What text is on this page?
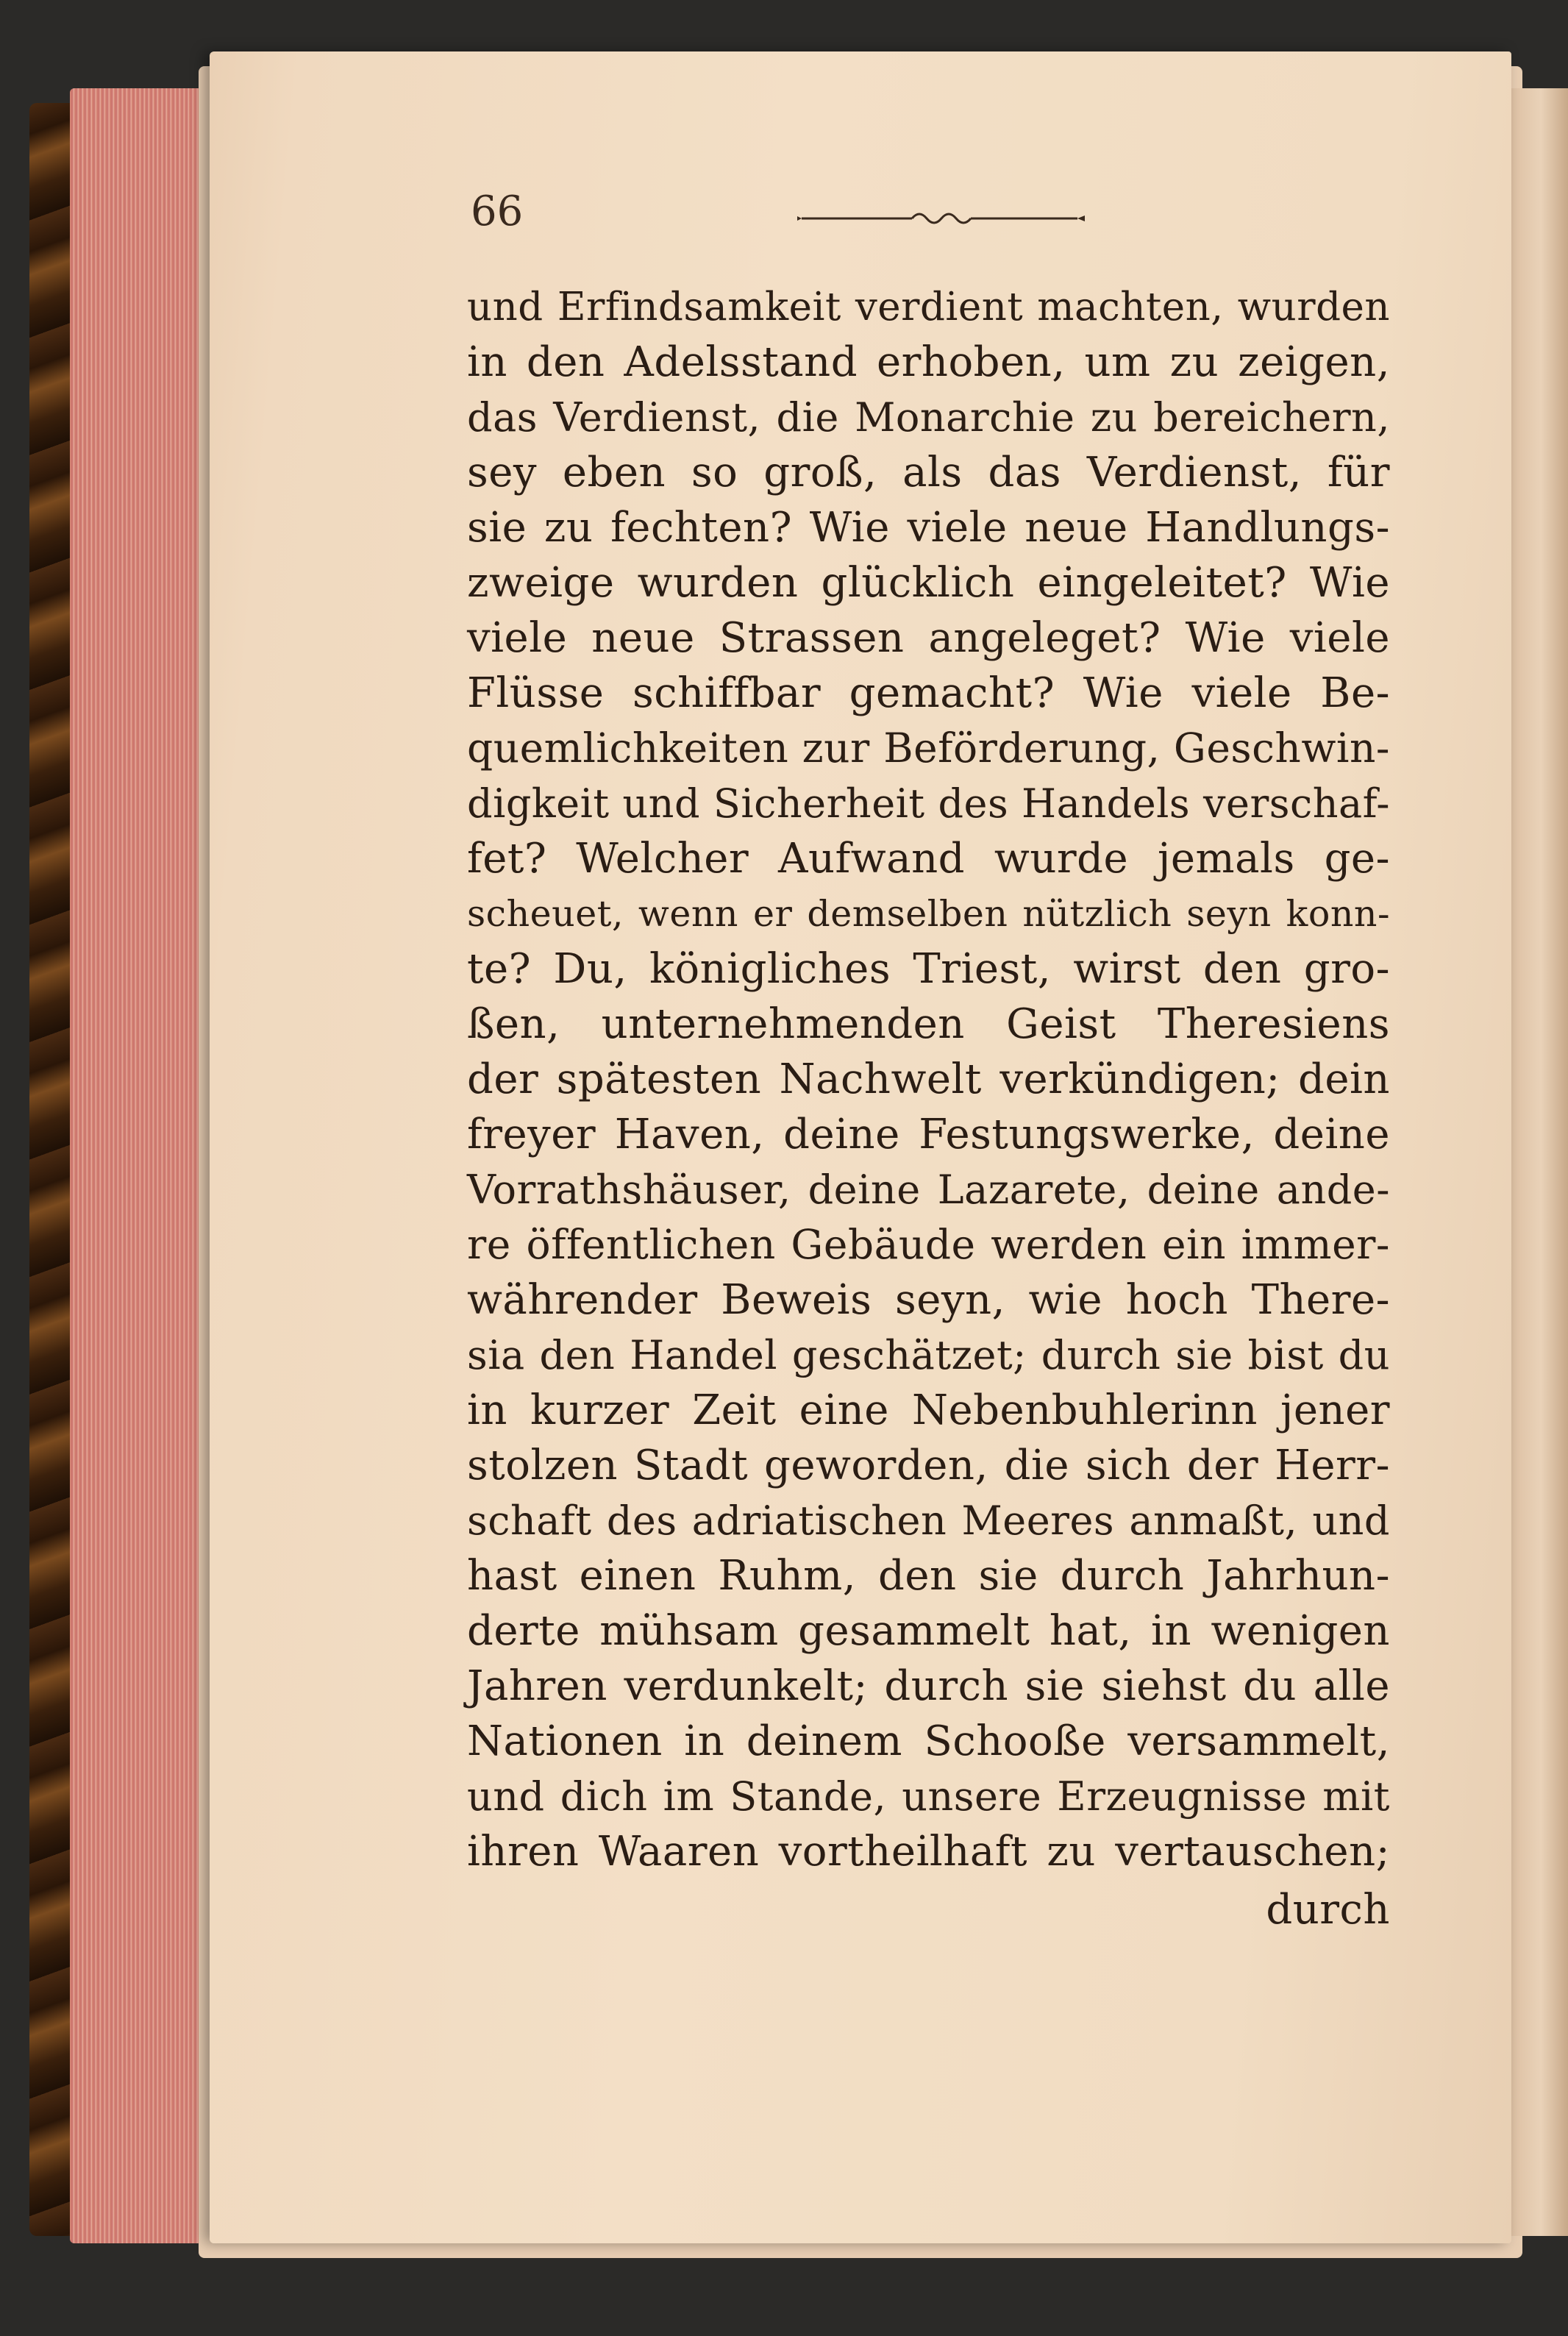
66
und Erfindsamkeit verdient machten, wurden
in den Adelsstand erhoben, um zu zeigen,
das Verdienst, die Monarchie zu bereichern,
sey eben so groß, als das Verdienst, für
sie zu fechten? Wie viele neue Handlungs-
zweige wurden glücklich eingeleitet? Wie
viele neue Strassen angeleget? Wie viele
Flüsse schiffbar gemacht? Wie viele Be-
quemlichkeiten zur Beförderung, Geschwin-
digkeit und Sicherheit des Handels verschaf-
fet? Welcher Aufwand wurde jemals ge-
scheuet, wenn er demselben nützlich seyn konn-
te? Du, königliches Triest, wirst den gro-
ßen, unternehmenden Geist Theresiens
der spätesten Nachwelt verkündigen; dein
freyer Haven, deine Festungswerke, deine
Vorrathshäuser, deine Lazarete, deine ande-
re öffentlichen Gebäude werden ein immer-
währender Beweis seyn, wie hoch There-
sia den Handel geschätzet; durch sie bist du
in kurzer Zeit eine Nebenbuhlerinn jener
stolzen Stadt geworden, die sich der Herr-
schaft des adriatischen Meeres anmaßt, und
hast einen Ruhm, den sie durch Jahrhun-
derte mühsam gesammelt hat, in wenigen
Jahren verdunkelt; durch sie siehst du alle
Nationen in deinem Schooße versammelt,
und dich im Stande, unsere Erzeugnisse mit
ihren Waaren vortheilhaft zu vertauschen;
durch
